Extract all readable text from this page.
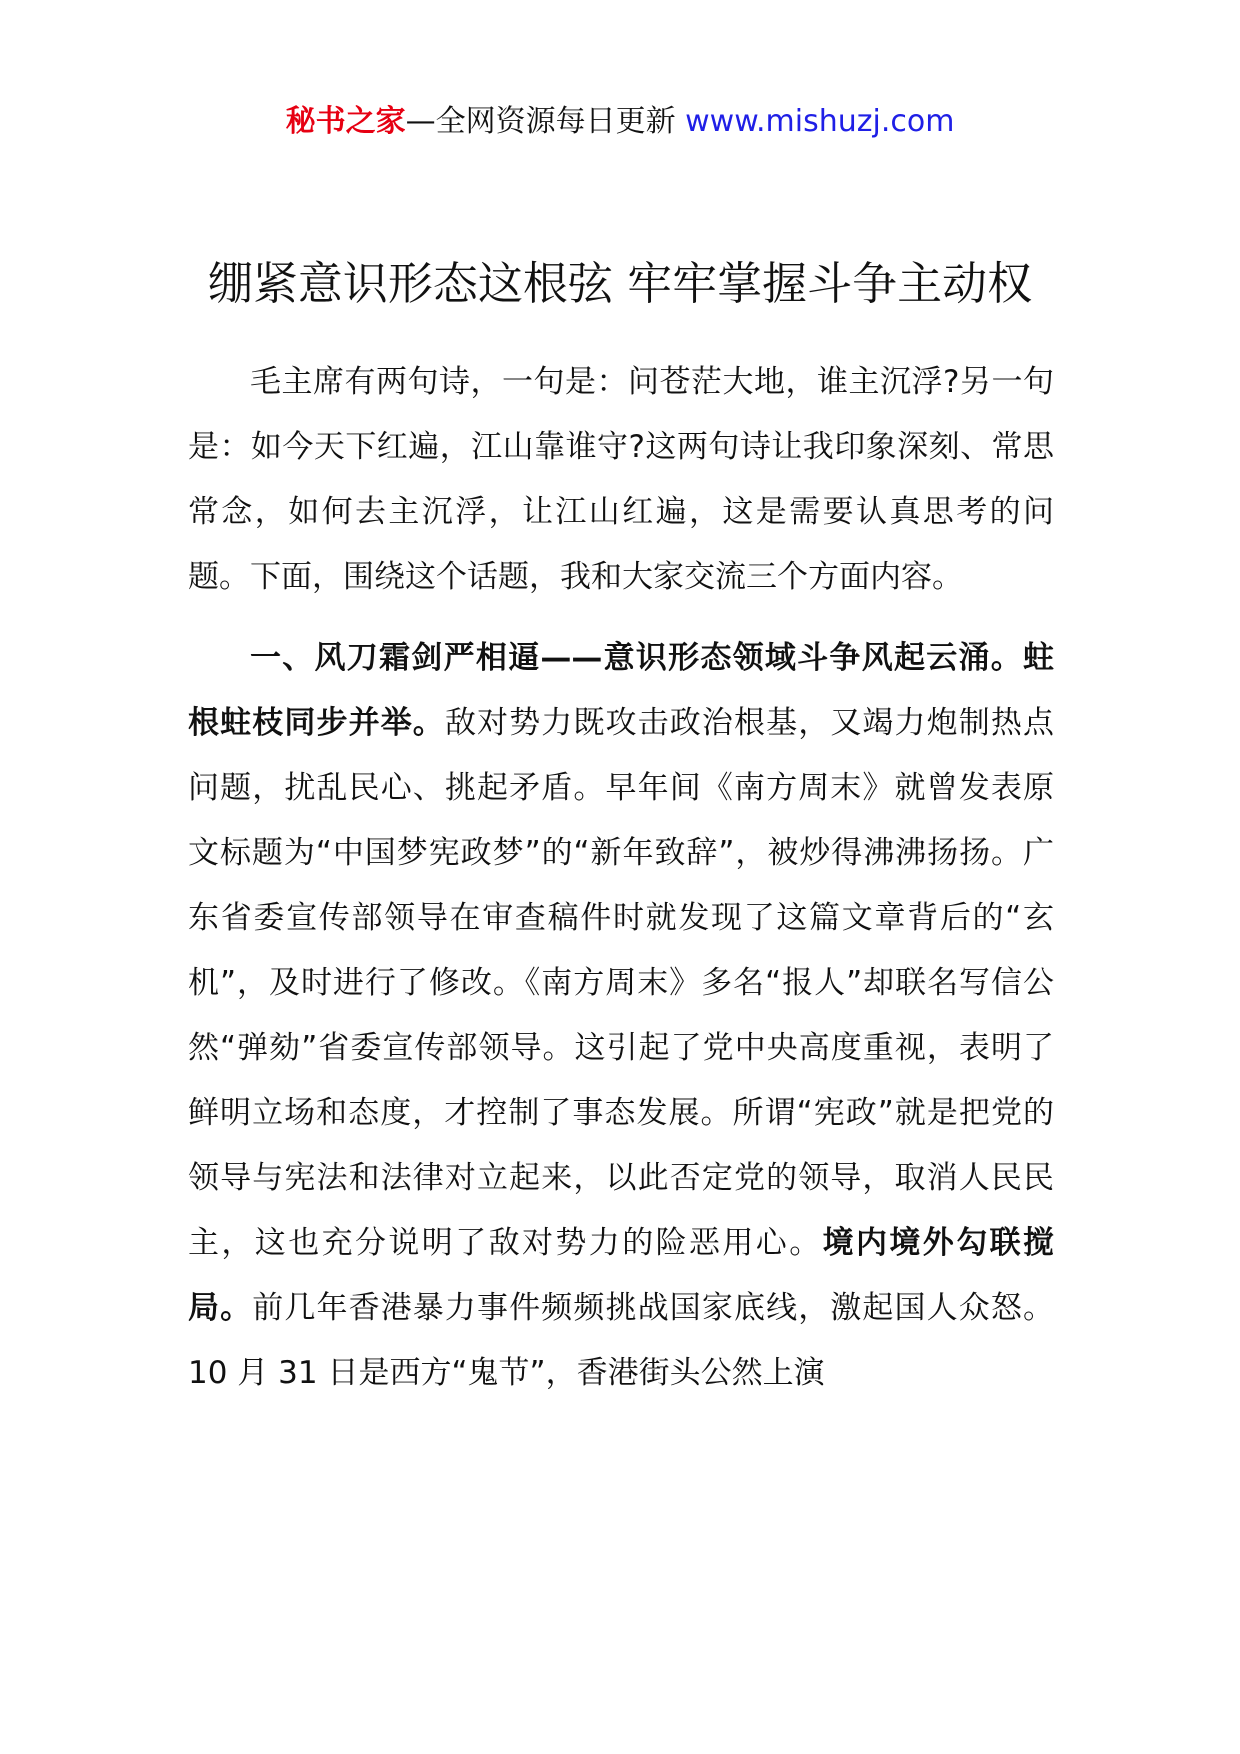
秘书之家—全网资源每日更新 www.mishuzj.com
绷紧意识形态这根弦 牢牢掌握斗争主动权

毛主席有两句诗，一句是：问苍茫大地，谁主沉浮?另一句是：如今天下红遍，江山靠谁守?这两句诗让我印象深刻、常思常念，如何去主沉浮，让江山红遍，这是需要认真思考的问题。下面，围绕这个话题，我和大家交流三个方面内容。

一、风刀霜剑严相逼——意识形态领域斗争风起云涌。蛀根蛀枝同步并举。敌对势力既攻击政治根基，又竭力炮制热点问题，扰乱民心、挑起矛盾。早年间《南方周末》就曾发表原文标题为“中国梦宪政梦”的“新年致辞”，被炒得沸沸扬扬。广东省委宣传部领导在审查稿件时就发现了这篇文章背后的“玄机”，及时进行了修改。《南方周末》多名“报人”却联名写信公然“弹劾”省委宣传部领导。这引起了党中央高度重视，表明了鲜明立场和态度，才控制了事态发展。所谓“宪政”就是把党的领导与宪法和法律对立起来，以此否定党的领导，取消人民民主，这也充分说明了敌对势力的险恶用心。境内境外勾联搅局。前几年香港暴力事件频频挑战国家底线，激起国人众怒。10 月 31 日是西方“鬼节”，香港街头公然上演
